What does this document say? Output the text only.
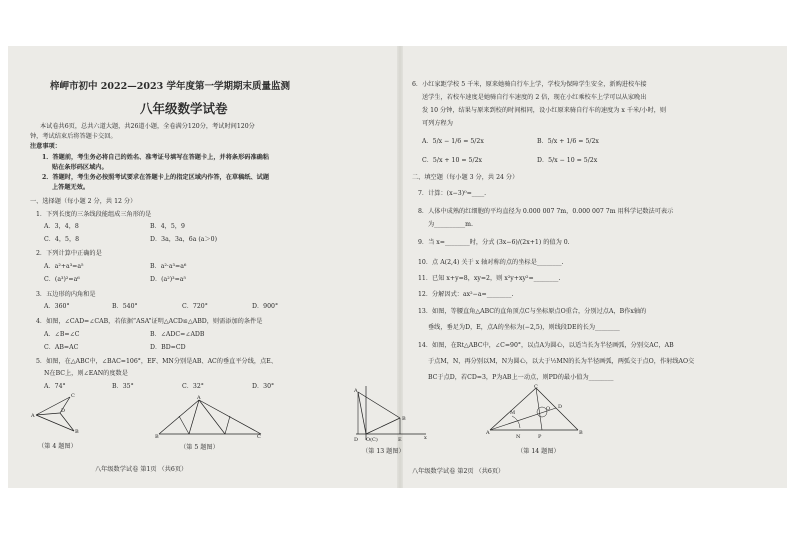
梓岬市初中 2022—2023 学年度第一学期期末质量监测
八年级数学试卷
本试卷共6页，总共六道大题，共26道小题，全卷满分120分，考试时间120分
钟，考试结束后将答题卡交回。
注意事项：
1．答题前，考生务必将自己的姓名、准考证号填写在答题卡上，并将条形码准确粘
贴在条形码区域内。
2．答题时，考生务必按照考试要求在答题卡上的指定区域内作答，在草稿纸、试题
上答题无效。
一、选择题（每小题 2 分，共 12 分）
1．下列长度的三条线段能组成三角形的是
A．3，4，8	B．4，5，9
C．4，5，8	D．3a，3a，6a (a＞0)
2．下列计算中正确的是
A．a²+a³=a⁵	B．a²·a³=a⁶
C．(a³)²=a⁶	D．(a²)³=a⁵
3．五边形的内角和是
A．360°	B．540°	C．720°	D．900°
4．如图，∠CAD=∠CAB，若依据“ASA”证明△ACD≌△ABD，则需添加的条件是
A．∠B=∠C	B．∠ADC=∠ADB
C．AB=AC	D．BD=CD
5．如图，在△ABC中，∠BAC=106°，EF、MN分别是AB、AC的垂直平分线，点E、
N在BC上，则∠EAN的度数是
A．74°	B．35°	C．32°	D．30°
A
C
D
B
（第 4 题图）
A
B	C
（第 5 题图）
八年级数学试卷 第1页 （共6页）
6．小红家距学校 5 千米，原来她骑自行车上学，学校为保障学生安全，新购进校车接
送学生，若校车速度是她骑自行车速度的 2 倍，现在小红乘校车上学可以从家晚出
发 10 分钟，结果与原来到校的时间相同，设小红原来骑自行车的速度为 x 千米/小时，则
可列方程为
A．5/x − 1/6 = 5/2x	B．5/x + 1/6 = 5/2x
C．5/x + 10 = 5/2x	D．5/x − 10 = 5/2x
二、填空题（每小题 3 分，共 24 分）
7．计算：(x−3)⁰=____.
8．人体中成熟的红细胞的平均直径为 0.000 007 7m，0.000 007 7m 用科学记数法可表示
为__________m.
9．当 x=________时，分式 (3x−6)/(2x+1) 的值为 0.
10．点 A(2,4) 关于 x 轴对称的点的坐标是________.
11．已知 x+y=8，xy=2，则 x²y+xy²=________.
12．分解因式：ax²−a=________.
13．如图，等腰直角△ABC的直角顶点C与坐标原点O重合，分别过点A，B作x轴的
垂线，垂足为D，E，点A的坐标为(−2,5)，则线段DE的长为________
14．如图，在Rt△ABC中，∠C=90°，以点A为圆心，以适当长为半径画弧，分别交AC，AB
于点M，N，再分别以M，N为圆心，以大于½MN的长为半径画弧，两弧交于点O，作射线AO交
BC于点D，若CD=3，P为AB上一动点，则PD的最小值为________
A
B
D O(C)	E	x
（第 13 题图）
A
C
B
M
N	P
O D
（第 14 题图）
八年级数学试卷 第2页 （共6页）
